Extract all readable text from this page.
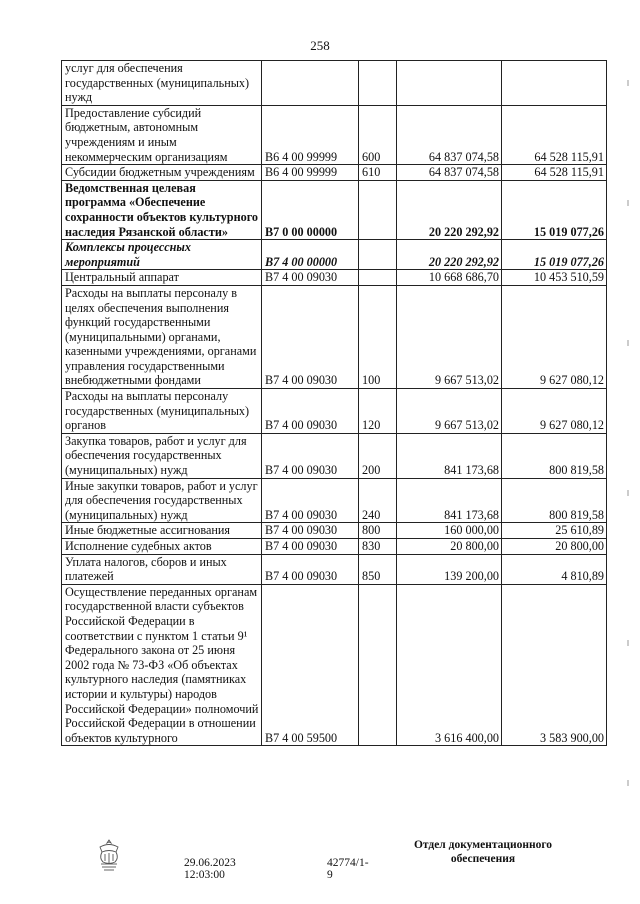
258
услуг для обеспечения государственных (муниципальных) нужд				
Предоставление субсидий бюджетным, автономным учреждениям и иным некоммерческим организациям	В6 4 00 99999	600	64 837 074,58	64 528 115,91
Субсидии бюджетным учреждениям	В6 4 00 99999	610	64 837 074,58	64 528 115,91
Ведомственная целевая программа «Обеспечение сохранности объектов культурного наследия Рязанской области»	В7 0 00 00000		20 220 292,92	15 019 077,26
Комплексы процессных мероприятий	В7 4 00 00000		20 220 292,92	15 019 077,26
Центральный аппарат	В7 4 00 09030		10 668 686,70	10 453 510,59
Расходы на выплаты персоналу в целях обеспечения выполнения функций государственными (муниципальными) органами, казенными учреждениями, органами управления государственными внебюджетными фондами	В7 4 00 09030	100	9 667 513,02	9 627 080,12
Расходы на выплаты персоналу государственных (муниципальных) органов	В7 4 00 09030	120	9 667 513,02	9 627 080,12
Закупка товаров, работ и услуг для обеспечения государственных (муниципальных) нужд	В7 4 00 09030	200	841 173,68	800 819,58
Иные закупки товаров, работ и услуг для обеспечения государственных (муниципальных) нужд	В7 4 00 09030	240	841 173,68	800 819,58
Иные бюджетные ассигнования	В7 4 00 09030	800	160 000,00	25 610,89
Исполнение судебных актов	В7 4 00 09030	830	20 800,00	20 800,00
Уплата налогов, сборов и иных платежей	В7 4 00 09030	850	139 200,00	4 810,89
Осуществление переданных органам государственной власти субъектов Российской Федерации в соответствии с пунктом 1 статьи 9¹ Федерального закона от 25 июня 2002 года № 73-ФЗ «Об объектах культурного наследия (памятниках истории и культуры) народов Российской Федерации» полномочий Российской Федерации в отношении объектов культурного	В7 4 00 59500		3 616 400,00	3 583 900,00
29.06.2023 12:03:00
42774/1-9
Отдел документационного
обеспечения
